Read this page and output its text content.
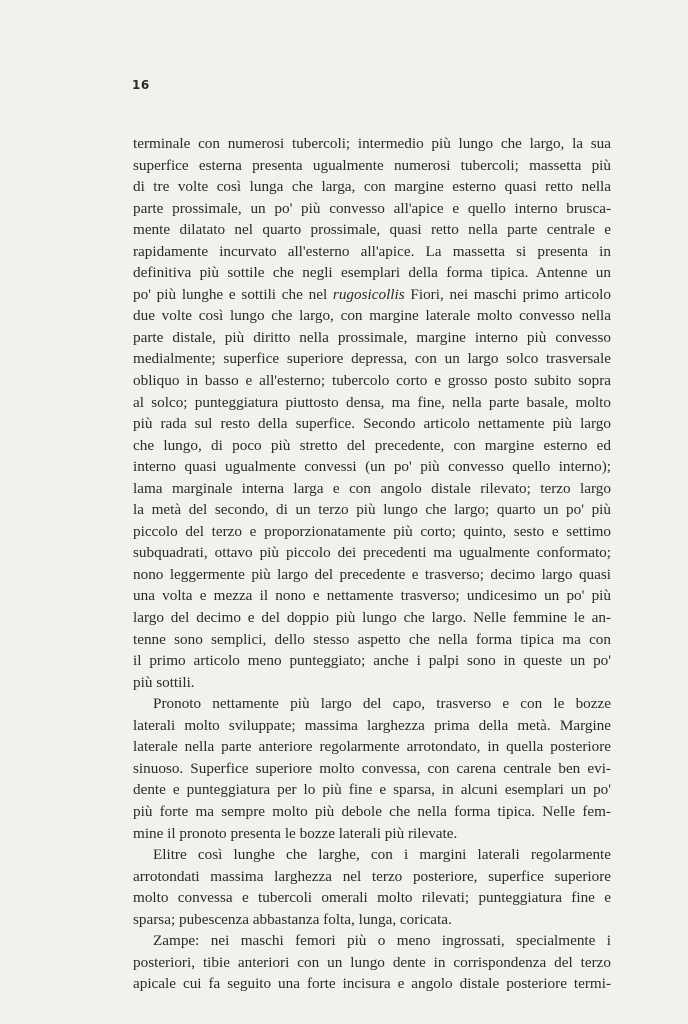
16
terminale con numerosi tubercoli; intermedio più lungo che largo, la sua
superfice esterna presenta ugualmente numerosi tubercoli; massetta più
di tre volte così lunga che larga, con margine esterno quasi retto nella
parte prossimale, un po' più convesso all'apice e quello interno brusca-
mente dilatato nel quarto prossimale, quasi retto nella parte centrale e
rapidamente incurvato all'esterno all'apice. La massetta si presenta in
definitiva più sottile che negli esemplari della forma tipica. Antenne un
po' più lunghe e sottili che nel rugosicollis Fiori, nei maschi primo articolo
due volte così lungo che largo, con margine laterale molto convesso nella
parte distale, più diritto nella prossimale, margine interno più convesso
medialmente; superfice superiore depressa, con un largo solco trasversale
obliquo in basso e all'esterno; tubercolo corto e grosso posto subito sopra
al solco; punteggiatura piuttosto densa, ma fine, nella parte basale, molto
più rada sul resto della superfice. Secondo articolo nettamente più largo
che lungo, di poco più stretto del precedente, con margine esterno ed
interno quasi ugualmente convessi (un po' più convesso quello interno);
lama marginale interna larga e con angolo distale rilevato; terzo largo
la metà del secondo, di un terzo più lungo che largo; quarto un po' più
piccolo del terzo e proporzionatamente più corto; quinto, sesto e settimo
subquadrati, ottavo più piccolo dei precedenti ma ugualmente conformato;
nono leggermente più largo del precedente e trasverso; decimo largo quasi
una volta e mezza il nono e nettamente trasverso; undicesimo un po' più
largo del decimo e del doppio più lungo che largo. Nelle femmine le an-
tenne sono semplici, dello stesso aspetto che nella forma tipica ma con
il primo articolo meno punteggiato; anche i palpi sono in queste un po'
più sottili.
Pronoto nettamente più largo del capo, trasverso e con le bozze
laterali molto sviluppate; massima larghezza prima della metà. Margine
laterale nella parte anteriore regolarmente arrotondato, in quella posteriore
sinuoso. Superfice superiore molto convessa, con carena centrale ben evi-
dente e punteggiatura per lo più fine e sparsa, in alcuni esemplari un po'
più forte ma sempre molto più debole che nella forma tipica. Nelle fem-
mine il pronoto presenta le bozze laterali più rilevate.
Elitre così lunghe che larghe, con i margini laterali regolarmente
arrotondati massima larghezza nel terzo posteriore, superfice superiore
molto convessa e tubercoli omerali molto rilevati; punteggiatura fine e
sparsa; pubescenza abbastanza folta, lunga, coricata.
Zampe: nei maschi femori più o meno ingrossati, specialmente i
posteriori, tibie anteriori con un lungo dente in corrispondenza del terzo
apicale cui fa seguito una forte incisura e angolo distale posteriore termi-
